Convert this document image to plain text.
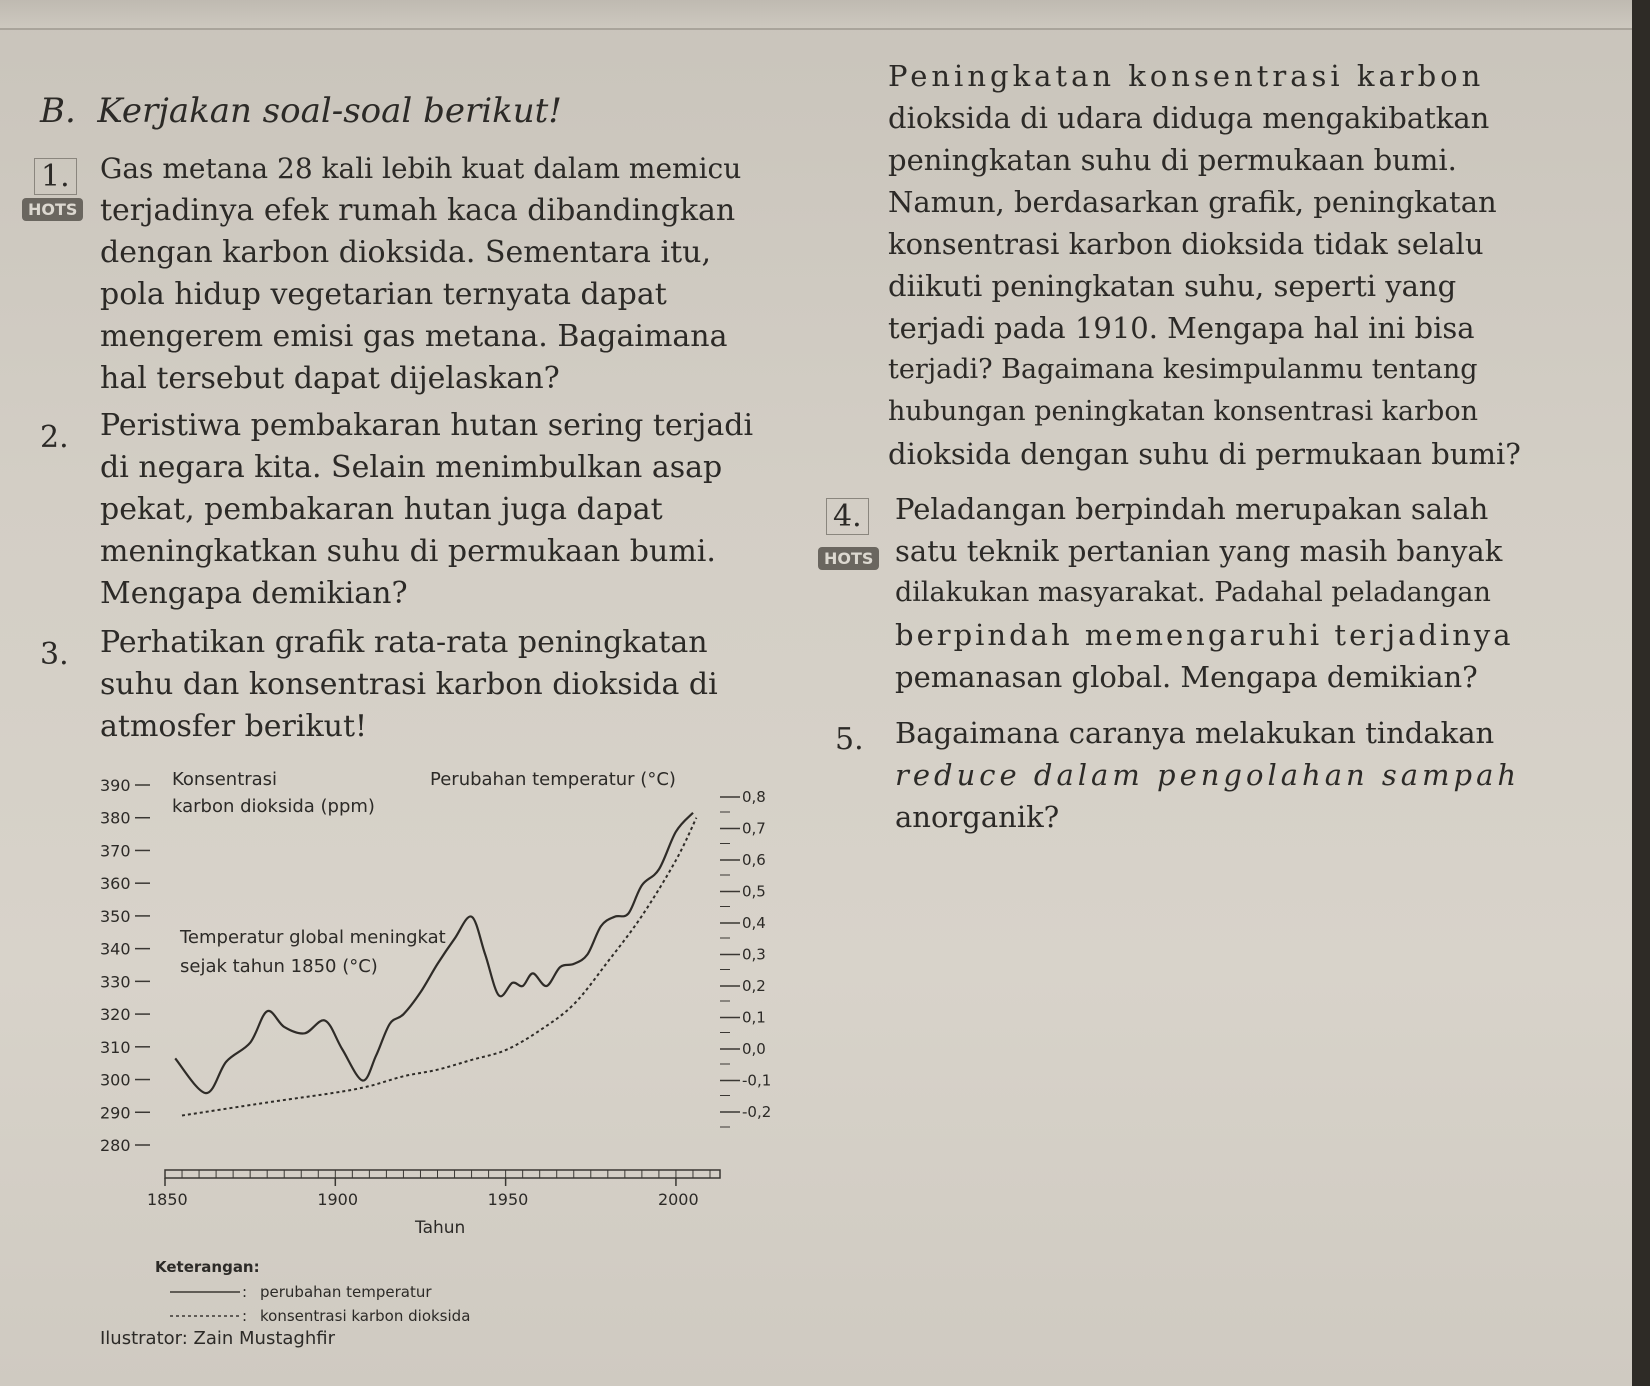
B. Kerjakan soal-soal berikut!
1.
HOTS
Gas metana 28 kali lebih kuat dalam memicu
terjadinya efek rumah kaca dibandingkan
dengan karbon dioksida. Sementara itu,
pola hidup vegetarian ternyata dapat
mengerem emisi gas metana. Bagaimana
hal tersebut dapat dijelaskan?
2. Peristiwa pembakaran hutan sering terjadi
di negara kita. Selain menimbulkan asap
pekat, pembakaran hutan juga dapat
meningkatkan suhu di permukaan bumi.
Mengapa demikian?
3. Perhatikan grafik rata-rata peningkatan
suhu dan konsentrasi karbon dioksida di
atmosfer berikut!
Konsentrasi
karbon dioksida (ppm)
Perubahan temperatur (°C)
Temperatur global meningkat
sejak tahun 1850 (°C)
390
380
370
360
350
340
330
320
310
300
290
280
0,8
0,7
0,6
0,5
0,4
0,3
0,2
0,1
0,0
-0,1
-0,2
1850	1900	1950	2000
Tahun
Keterangan:
: perubahan temperatur
: konsentrasi karbon dioksida
Ilustrator: Zain Mustaghfir
Peningkatan konsentrasi karbon
dioksida di udara diduga mengakibatkan
peningkatan suhu di permukaan bumi.
Namun, berdasarkan grafik, peningkatan
konsentrasi karbon dioksida tidak selalu
diikuti peningkatan suhu, seperti yang
terjadi pada 1910. Mengapa hal ini bisa
terjadi? Bagaimana kesimpulanmu tentang
hubungan peningkatan konsentrasi karbon
dioksida dengan suhu di permukaan bumi?
4.
HOTS
Peladangan berpindah merupakan salah
satu teknik pertanian yang masih banyak
dilakukan masyarakat. Padahal peladangan
berpindah memengaruhi terjadinya
pemanasan global. Mengapa demikian?
5. Bagaimana caranya melakukan tindakan
reduce dalam pengolahan sampah
anorganik?
